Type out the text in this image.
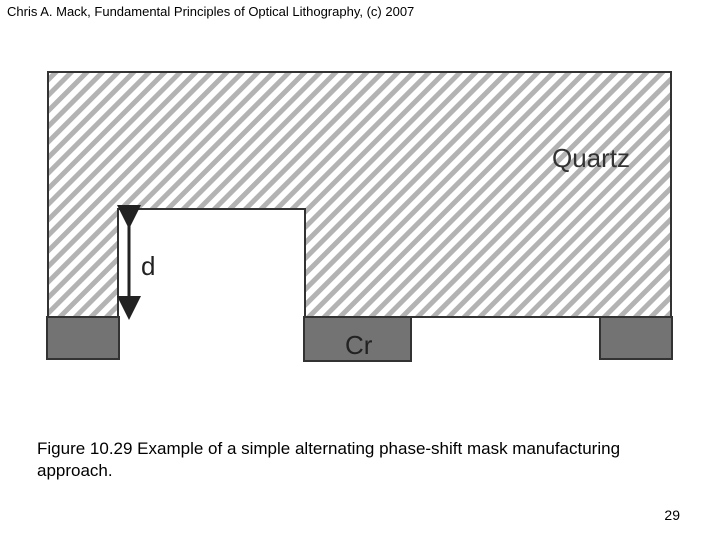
Chris A. Mack, Fundamental Principles of Optical Lithography, (c) 2007
Quartz
Cr
d
Figure 10.29 Example of a simple alternating phase-shift mask manufacturing approach.
29
